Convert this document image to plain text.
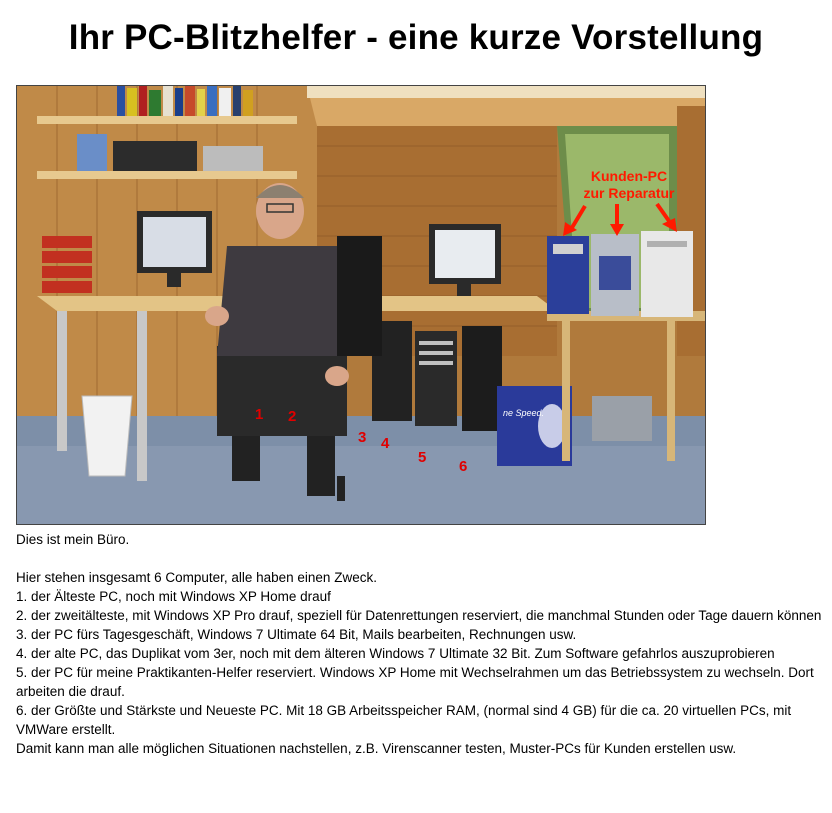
Ihr PC-Blitzhelfer - eine kurze Vorstellung
ne Speed.
Kunden-PC
zur Reparatur
1 2
3 4
5
6

Dies ist mein Büro.

Hier stehen insgesamt 6 Computer, alle haben einen Zweck.

1. der Älteste PC, noch mit Windows XP Home drauf

2. der zweitälteste, mit Windows XP Pro drauf, speziell für Datenrettungen reserviert, die manchmal Stunden oder Tage dauern können

3. der PC fürs Tagesgeschäft, Windows 7 Ultimate 64 Bit, Mails bearbeiten, Rechnungen usw.

4. der alte PC, das Duplikat vom 3er, noch mit dem älteren Windows 7 Ultimate 32 Bit. Zum Software gefahrlos auszuprobieren

5. der PC für meine Praktikanten-Helfer reserviert. Windows XP Home mit Wechselrahmen um das Betriebssystem zu wechseln. Dort arbeiten die drauf.

6. der Größte und Stärkste und Neueste PC. Mit 18 GB Arbeitsspeicher RAM, (normal sind 4 GB) für die ca. 20 virtuellen PCs, mit VMWare erstellt.

Damit kann man alle möglichen Situationen nachstellen, z.B. Virenscanner testen, Muster-PCs für Kunden erstellen usw.
